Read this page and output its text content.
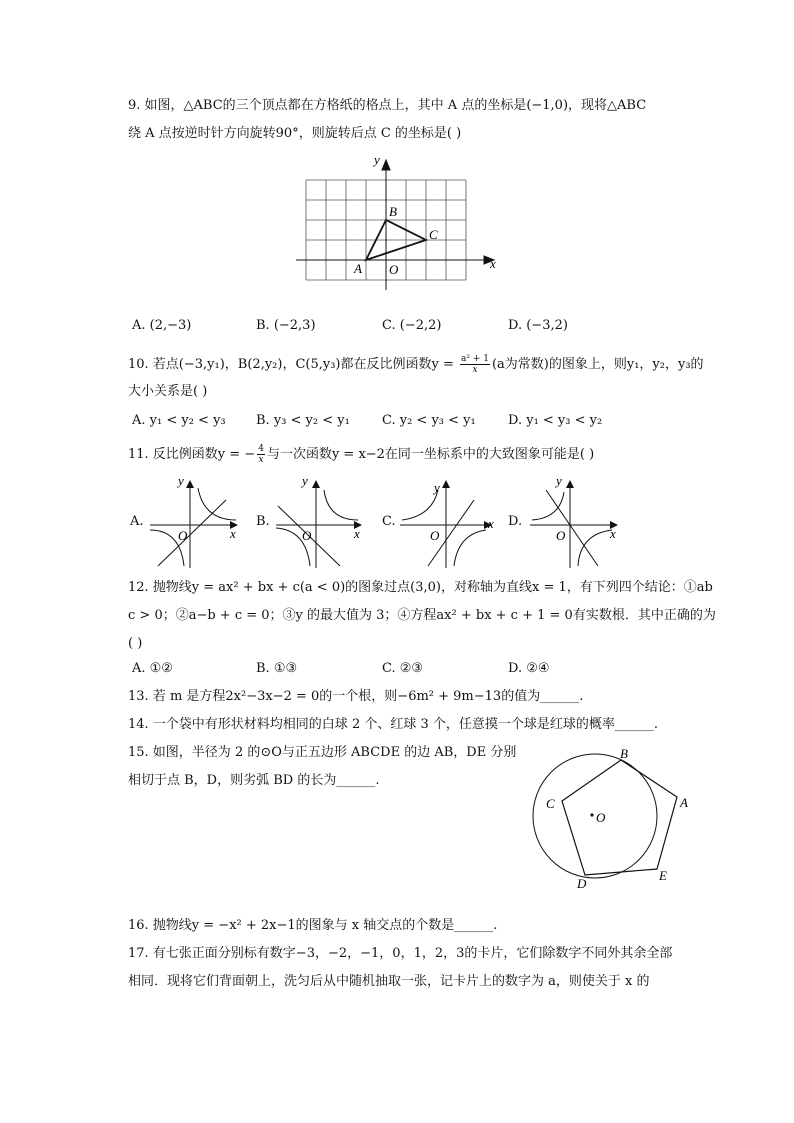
9. 如图，△ABC的三个顶点都在方格纸的格点上，其中 A 点的坐标是(−1,0)，现将△ABC
绕 A 点按逆时针方向旋转90°，则旋转后点 C 的坐标是( )
x
y
O
A
B
C
A. (2,−3)	B. (−2,3)	C. (−2,2)	D. (−3,2)
10. 若点(−3,y₁)，B(2,y₂)，C(5,y₃)都在反比例函数$y = \frac{\text{a² + 1}}{x} (a$为常数)的图象上，则y₁，y₂，y₃的
大小关系是( )
A. y₁ < y₂ < y₃ B. y₃ < y₂ < y₁ C. y₂ < y₃ < y₁ D. y₁ < y₃ < y₂
11. 反比例函数y = − $\frac{4}{x}$ 与一次函数y = x−2在同一坐标系中的大致图象可能是( )
A.	B.	C.	D.
x
y
O	x
y
O
x
y
O	x
y
O
12. 抛物线y = ax² + bx + c(a < 0)的图象过点(3,0)，对称轴为直线x = 1，有下列四个结论：①ab
c > 0；②a−b + c = 0；③y 的最大值为 3；④方程ax² + bx + c + 1 = 0有实数根．其中正确的为
( )
A. ①②	B. ①③	C. ②③	D. ②④
13. 若 m 是方程2x²−3x−2 = 0的一个根，则−6m² + 9m−13的值为______.
14. 一个袋中有形状材料均相同的白球 2 个、红球 3 个，任意摸一个球是红球的概率______.
15. 如图，半径为 2 的⊙O与正五边形 ABCDE 的边 AB，DE 分别
相切于点 B，D，则劣弧 BD 的长为______.
A
B
C
D
E
O
16. 抛物线y = −x² + 2x−1的图象与 x 轴交点的个数是______.
17. 有七张正面分别标有数字−3，−2，−1，0，1，2，3的卡片，它们除数字不同外其余全部
相同．现将它们背面朝上，洗匀后从中随机抽取一张，记卡片上的数字为 a，则使关于 x 的
